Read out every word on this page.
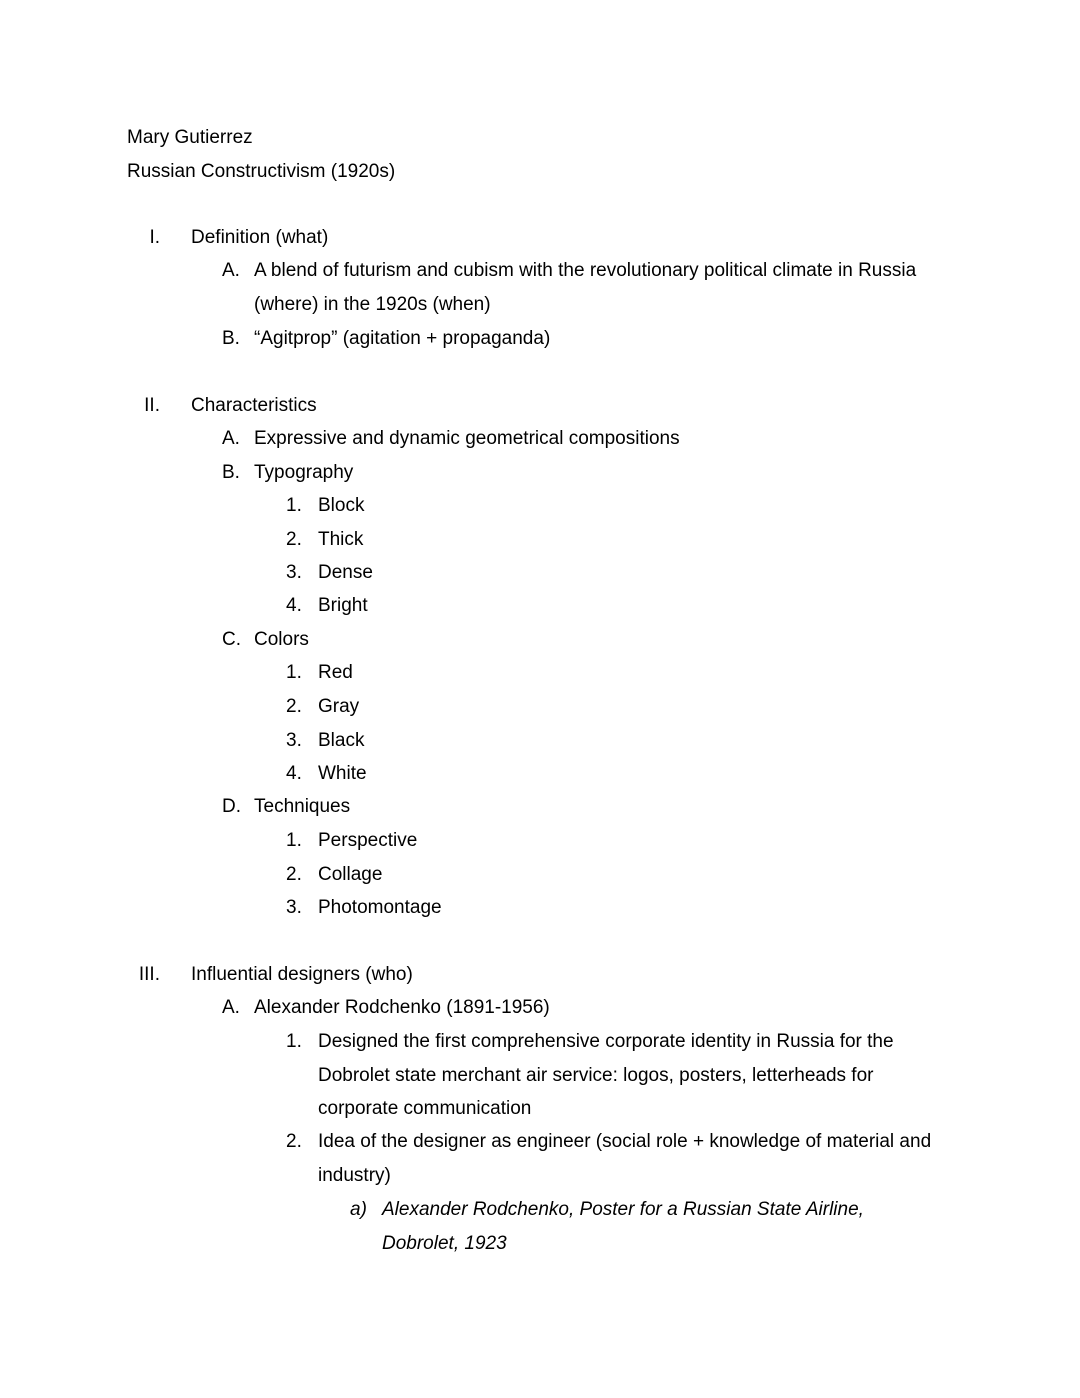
Mary Gutierrez
Russian Constructivism (1920s)
I. Definition (what)
A. A blend of futurism and cubism with the revolutionary political climate in Russia (where) in the 1920s (when)
B. “Agitprop” (agitation + propaganda)
II. Characteristics
A. Expressive and dynamic geometrical compositions
B. Typography
1. Block
2. Thick
3. Dense
4. Bright
C. Colors
1. Red
2. Gray
3. Black
4. White
D. Techniques
1. Perspective
2. Collage
3. Photomontage
III. Influential designers (who)
A. Alexander Rodchenko (1891-1956)
1. Designed the first comprehensive corporate identity in Russia for the Dobrolet state merchant air service: logos, posters, letterheads for corporate communication
2. Idea of the designer as engineer (social role + knowledge of material and industry)
a) Alexander Rodchenko, Poster for a Russian State Airline, Dobrolet, 1923
